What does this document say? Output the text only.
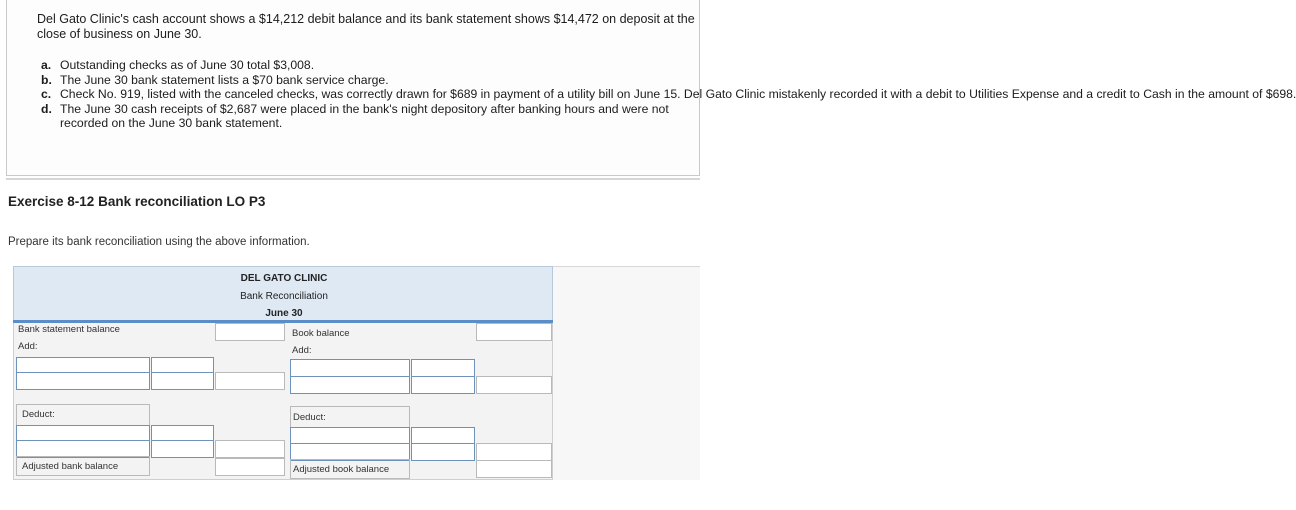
Del Gato Clinic's cash account shows a $14,212 debit balance and its bank statement shows $14,472 on deposit at the close of business on June 30.
a. Outstanding checks as of June 30 total $3,008.
b. The June 30 bank statement lists a $70 bank service charge.
c. Check No. 919, listed with the canceled checks, was correctly drawn for $689 in payment of a utility bill on June 15. Del Gato Clinic mistakenly recorded it with a debit to Utilities Expense and a credit to Cash in the amount of $698.
d. The June 30 cash receipts of $2,687 were placed in the bank's night depository after banking hours and were not
recorded on the June 30 bank statement.
Exercise 8-12 Bank reconciliation LO P3
Prepare its bank reconciliation using the above information.
DEL GATO CLINIC
Bank Reconciliation
June 30
Bank statement balance
Add:
Deduct:
Adjusted bank balance
Book balance
Add:
Deduct:
Adjusted book balance
